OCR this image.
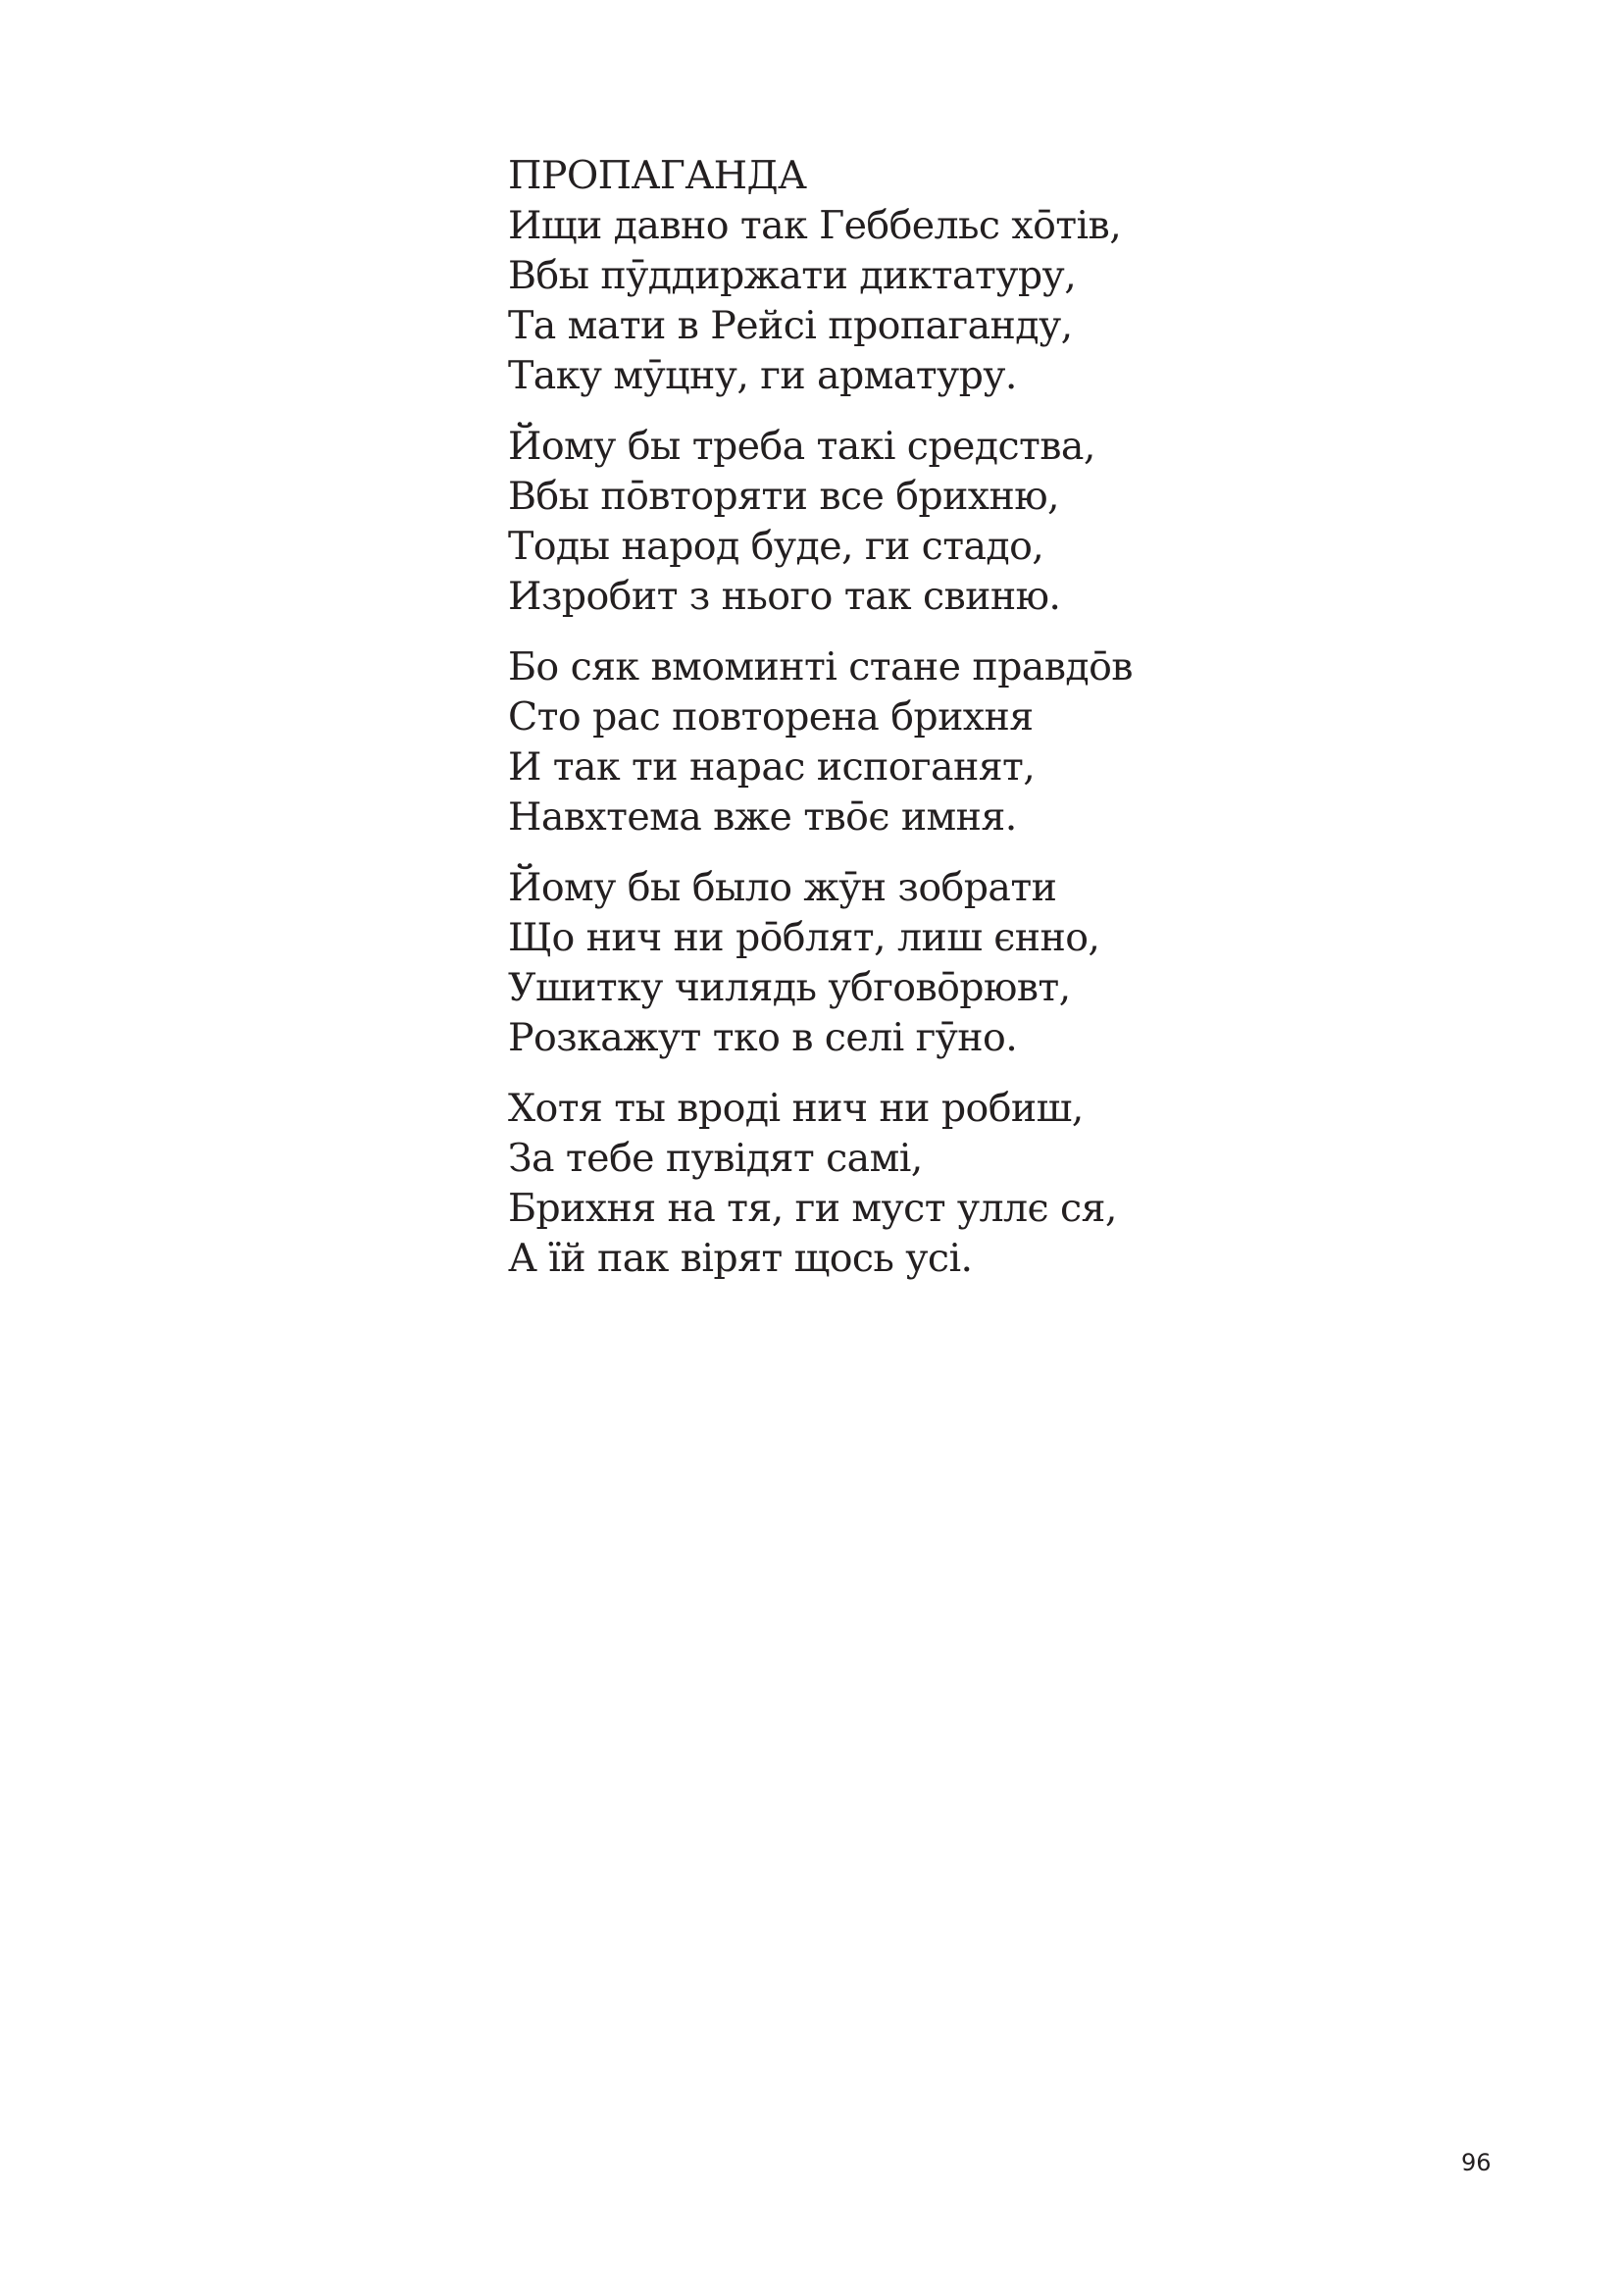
ПРОПАГАНДА
Ищи давно так Геббельс хо̄тів,
Вбы пӯддиржати диктатуру,
Та мати в Рейсі пропаганду,
Таку мӯцну, ги арматуру.
Йому бы треба такі средства,
Вбы по̄вторяти все брихню,
Тоды народ буде, ги стадо,
Изробит з нього так свиню.
Бо сяк вмоминті стане правдо̄в
Сто рас повторена брихня
И так ти нарас испоганят,
Навхтема вже тво̄є имня.
Йому бы было жӯн зобрати
Що нич ни ро̄блят, лиш єнно,
Ушитку чилядь убгово̄рювт,
Розкажут тко в селі гӯно.
Хотя ты вроді нич ни робиш,
За тебе пувідят самі,
Брихня на тя, ги муст уллє ся,
А їй пак вірят щось усі.
96
